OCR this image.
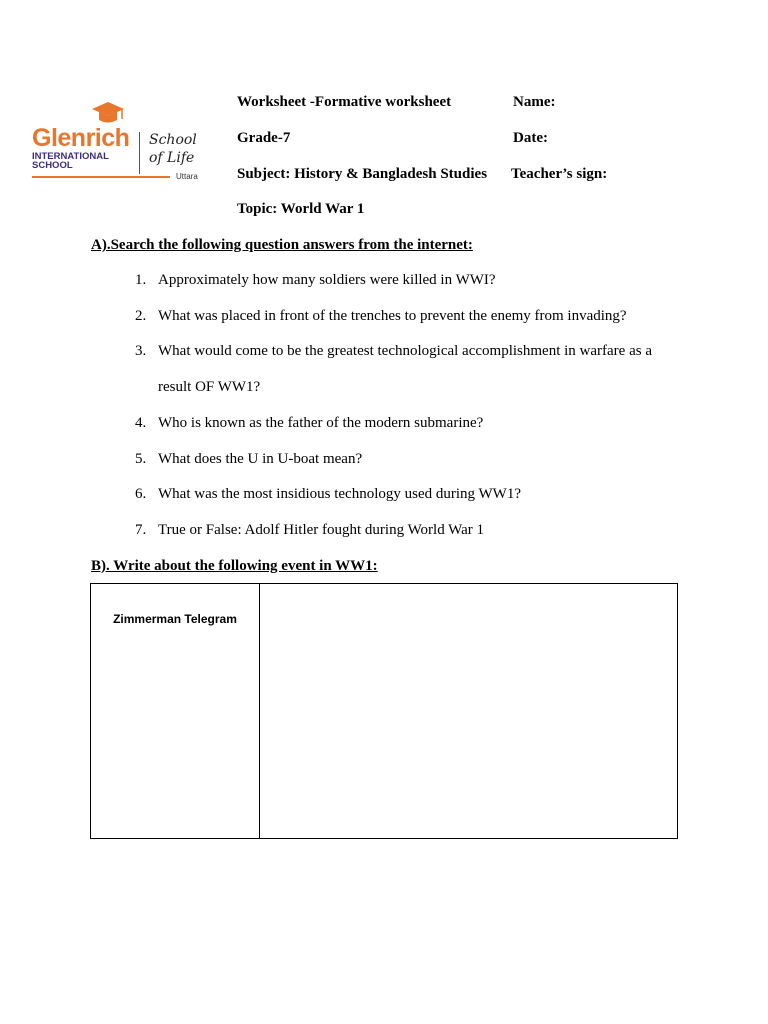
Glenrich
INTERNATIONAL
SCHOOL
School
of Life
Uttara
Worksheet -Formative worksheet
Grade-7
Subject: History & Bangladesh Studies
Topic: World War 1
Name:
Date:
Teacher’s sign:
A).Search the following question answers from the internet:
1. Approximately how many soldiers were killed in WWI?
2. What was placed in front of the trenches to prevent the enemy from invading?
3. What would come to be the greatest technological accomplishment in warfare as a
result OF WW1?
4. Who is known as the father of the modern submarine?
5. What does the U in U-boat mean?
6. What was the most insidious technology used during WW1?
7. True or False: Adolf Hitler fought during World War 1
B). Write about the following event in WW1:
Zimmerman Telegram
